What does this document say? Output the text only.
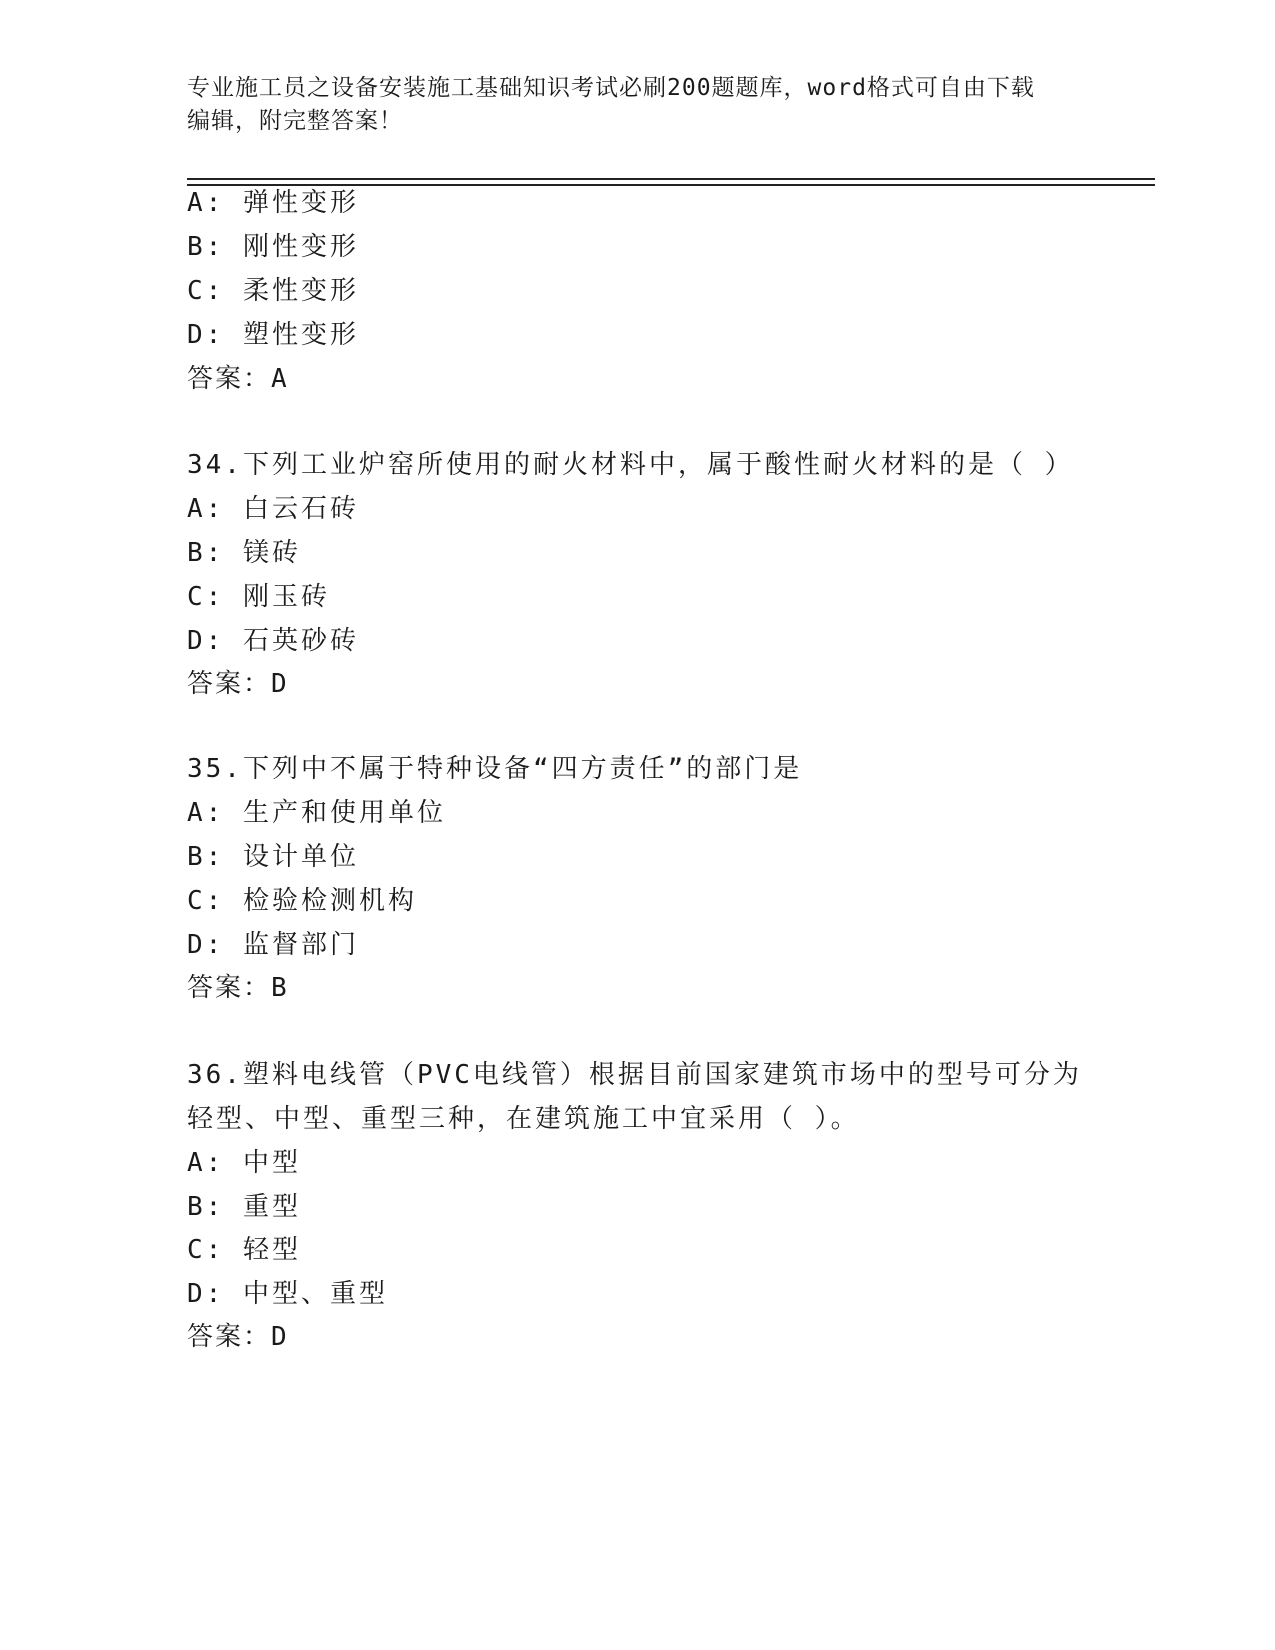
专业施工员之设备安装施工基础知识考试必刷200题题库，word格式可自由下载
编辑，附完整答案！
A: 弹性变形
B: 刚性变形
C: 柔性变形
D: 塑性变形
答案：A
34.下列工业炉窑所使用的耐火材料中，属于酸性耐火材料的是（ ）
A: 白云石砖
B: 镁砖
C: 刚玉砖
D: 石英砂砖
答案：D
35.下列中不属于特种设备“四方责任”的部门是
A: 生产和使用单位
B: 设计单位
C: 检验检测机构
D: 监督部门
答案：B
36.塑料电线管（PVC电线管）根据目前国家建筑市场中的型号可分为
轻型、中型、重型三种，在建筑施工中宜采用（ ）。
A: 中型
B: 重型
C: 轻型
D: 中型、重型
答案：D
